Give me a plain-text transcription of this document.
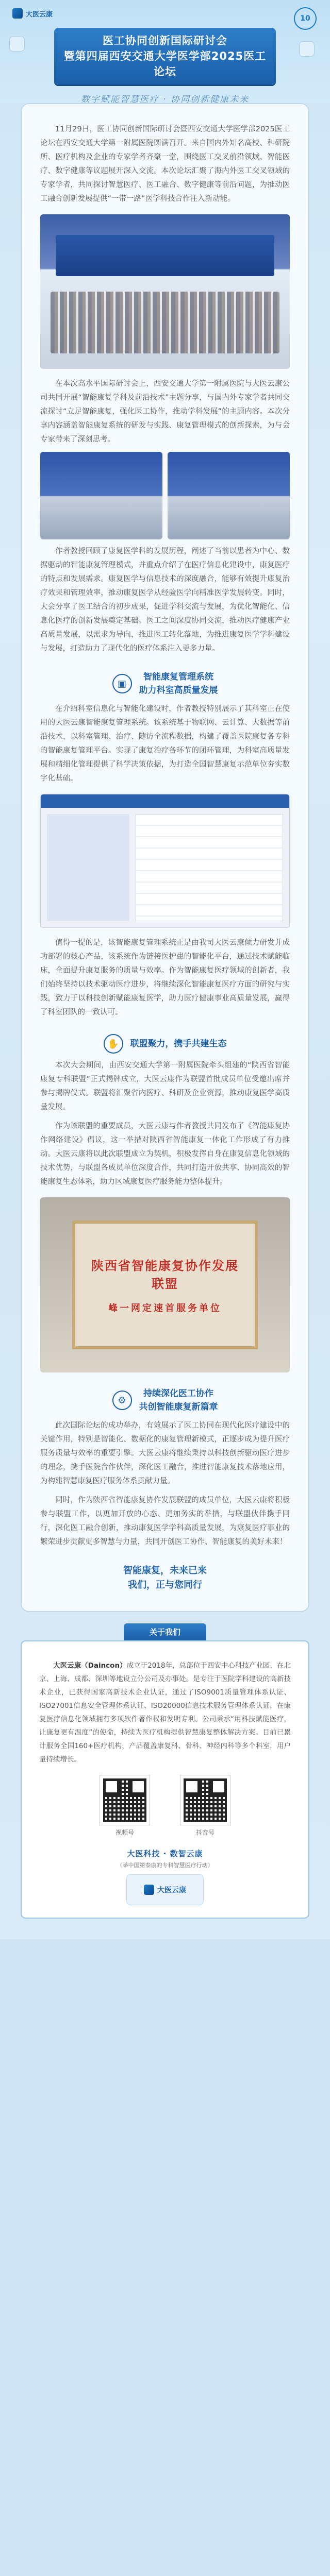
大医云康	10
医工协同创新国际研讨会
暨第四届西安交通大学医学部2025医工论坛
数字赋能智慧医疗 · 协同创新健康未来

11月29日，医工协同创新国际研讨会暨西安交通大学医学部2025医工论坛在西安交通大学第一附属医院圆满召开。来自国内外知名高校、科研院所、医疗机构及企业的专家学者齐聚一堂，围绕医工交叉前沿领域、智能医疗、数字健康等议题展开深入交流。本次论坛汇聚了海内外医工交叉领域的专家学者，共同探讨智慧医疗、医工融合、数字健康等前沿问题，为推动医工融合创新发展提供“一带一路”医学科技合作注入新动能。

在本次高水平国际研讨会上，西安交通大学第一附属医院与大医云康公司共同开展“智能康复学科及前沿技术”主题分享，与国内外专家学者共同交流探讨“立足智能康复，强化医工协作，推动学科发展”的主题内容。本次分享内容涵盖智能康复系统的研发与实践、康复管理模式的创新探索，为与会专家带来了深刻思考。

作者教授回顾了康复医学科的发展历程，阐述了当前以患者为中心、数据驱动的智能康复管理模式，并重点介绍了在医疗信息化建设中，康复医疗的特点和发展需求。康复医学与信息技术的深度融合，能够有效提升康复治疗效果和管理效率，推动康复医学从经验医学向精准医学发展转变。同时，大会分享了医工结合的初步成果，促进学科交流与发展，为优化智能化、信息化医疗的创新发展奠定基础。医工之间深度协同交流，推动医疗健康产业高质量发展，以需求为导向，推进医工转化落地，为推进康复医学学科建设与发展，打造助力了现代化的医疗体系注入更多力量。

▣
智能康复管理系统
助力科室高质量发展

在介绍科室信息化与智能化建设时，作者教授特别展示了其科室正在使用的大医云康智能康复管理系统。该系统基于物联网、云计算、大数据等前沿技术，以科室管理、治疗、随访全流程数据，构建了覆盖医院康复各专科的智能康复管理平台。实现了康复治疗各环节的闭环管理，为科室高质量发展和精细化管理提供了科学决策依据，为打造全国智慧康复示范单位夯实数字化基础。

值得一提的是，该智能康复管理系统正是由我司大医云康倾力研发并成功部署的核心产品，该系统作为链接医护患的智能化平台，通过技术赋能临床，全面提升康复服务的质量与效率。作为智能康复医疗领域的创新者，我们始终坚持以技术驱动医疗进步，将继续深化智能康复医疗方面的研究与实践，致力于以科技创新赋能康复医学，助力医疗健康事业高质量发展，赢得了科室团队的一致认可。

✋	联盟聚力，携手共建生态

本次大会期间，由西安交通大学第一附属医院牵头组建的“陕西省智能康复专科联盟”正式揭牌成立，大医云康作为联盟首批成员单位受邀出席并参与揭牌仪式。联盟将汇聚省内医疗、科研及企业资源，推动康复医学高质量发展。

作为该联盟的重要成员，大医云康与作者教授共同发布了《智能康复协作网络建设》倡议，这一举措对陕西省智能康复一体化工作形成了有力推动。大医云康将以此次联盟成立为契机，积极发挥自身在康复信息化领域的技术优势，与联盟各成员单位深度合作，共同打造开放共享、协同高效的智能康复生态体系，助力区域康复医疗服务能力整体提升。

陕西省智能康复协作发展联盟
峰一网定速首服务单位
⚙
持续深化医工协作
共创智能康复新篇章

此次国际论坛的成功举办，有效展示了医工协同在现代化医疗建设中的关键作用，特别是智能化、数据化的康复管理新模式，正逐步成为提升医疗服务质量与效率的重要引擎。大医云康将继续秉持以科技创新驱动医疗进步的理念，携手医院合作伙伴，深化医工融合，推进智能康复技术落地应用，为构建智慧康复医疗服务体系贡献力量。

同时，作为陕西省智能康复协作发展联盟的成员单位，大医云康将积极参与联盟工作，以更加开放的心态、更加务实的举措，与联盟伙伴携手同行，深化医工融合创新，推动康复医学学科高质量发展，为康复医疗事业的繁荣进步贡献更多智慧与力量，共同开创医工协作、智能康复的美好未来！

智能康复，未来已来
我们，正与您同行
关于我们

大医云康（Daincon）成立于2018年，总部位于西安中心科技产业园，在北京、上海、成都、深圳等地设立分公司及办事处。是专注于医院学科建设的高新技术企业，已获得国家高新技术企业认证，通过了ISO9001质量管理体系认证、ISO27001信息安全管理体系认证、ISO20000信息技术服务管理体系认证，在康复医疗信息化领域拥有多项软件著作权和发明专利。公司秉承“用科技赋能医疗，让康复更有温度”的使命，持续为医疗机构提供智慧康复整体解决方案。目前已累计服务全国160+医疗机构，产品覆盖康复科、骨科、神经内科等多个科室，用户量持续增长。

视频号	抖音号
大医科技 · 数智云康
（举中国第泰康的专科智慧医疗行动）
大医云康
